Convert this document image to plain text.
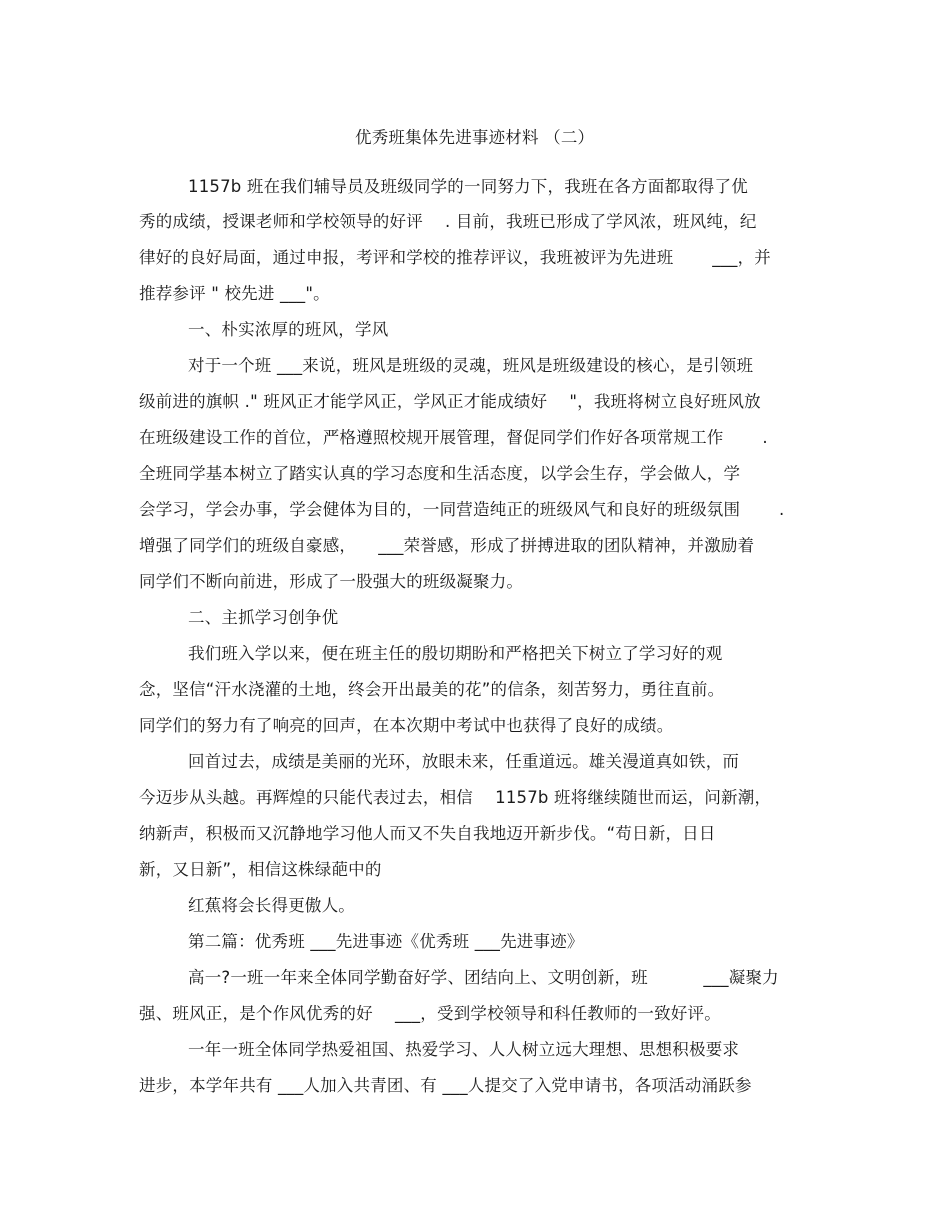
优秀班集体先进事迹材料 （二）
1157b 班在我们辅导员及班级同学的一同努力下，我班在各方面都取得了优
秀的成绩，授课老师和学校领导的好评 　. 目前，我班已形成了学风浓，班风纯，纪
律好的良好局面，通过申报，考评和学校的推荐评议，我班被评为先进班 　　___，并
推荐参评 " 校先进 ___"。
一、朴实浓厚的班风，学风
对于一个班 ___来说，班风是班级的灵魂，班风是班级建设的核心，是引领班
级前进的旗帜 ." 班风正才能学风正，学风正才能成绩好 　"，我班将树立良好班风放
在班级建设工作的首位，严格遵照校规开展管理，督促同学们作好各项常规工作 　　.
全班同学基本树立了踏实认真的学习态度和生活态度，以学会生存，学会做人，学
会学习，学会办事，学会健体为目的，一同营造纯正的班级风气和良好的班级氛围 　　.
增强了同学们的班级自豪感， 　___荣誉感，形成了拼搏进取的团队精神，并激励着
同学们不断向前进，形成了一股强大的班级凝聚力。
二、主抓学习创争优
我们班入学以来，便在班主任的殷切期盼和严格把关下树立了学习好的观
念，坚信“汗水浇灌的土地，终会开出最美的花”的信条，刻苦努力，勇往直前。
同学们的努力有了响亮的回声，在本次期中考试中也获得了良好的成绩。
回首过去，成绩是美丽的光环，放眼未来，任重道远。雄关漫道真如铁，而
今迈步从头越。再辉煌的只能代表过去，相信 　1157b 班将继续随世而运，问新潮，
纳新声，积极而又沉静地学习他人而又不失自我地迈开新步伐。“苟日新，日日
新，又日新”，相信这株绿葩中的
红蕉将会长得更傲人。
第二篇：优秀班 ___先进事迹《优秀班 ___先进事迹》
高一?一班一年来全体同学勤奋好学、团结向上、文明创新，班 　　　___凝聚力
强、班风正，是个作风优秀的好 　___，受到学校领导和科任教师的一致好评。
一年一班全体同学热爱祖国、热爱学习、人人树立远大理想、思想积极要求
进步，本学年共有 ___人加入共青团、有 ___人提交了入党申请书，各项活动涌跃参
